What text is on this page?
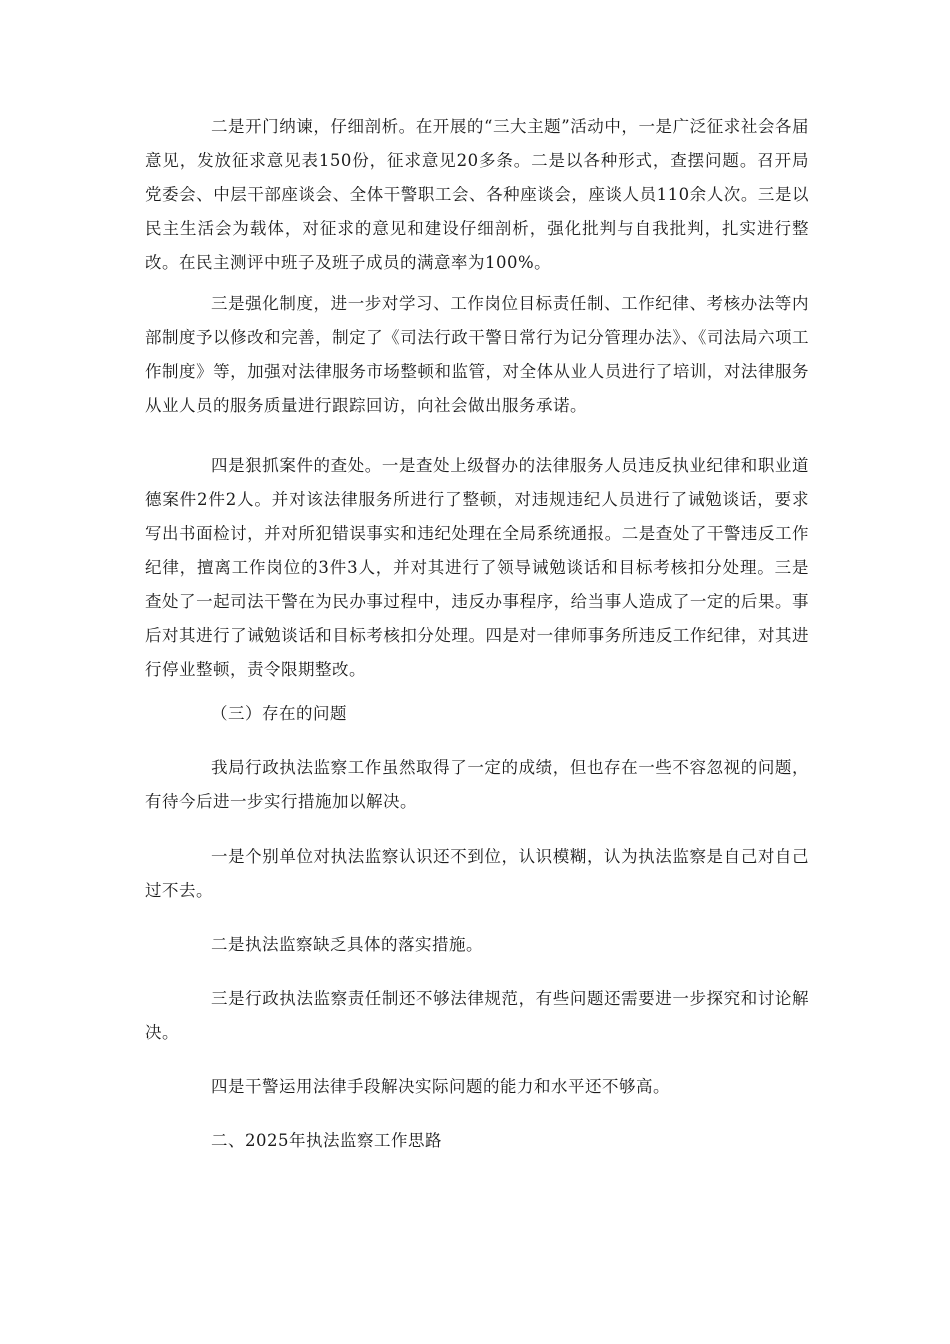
二是开门纳谏，仔细剖析。在开展的“三大主题”活动中，一是广泛征求社会各届意见，发放征求意见表150份，征求意见20多条。二是以各种形式，查摆问题。召开局党委会、中层干部座谈会、全体干警职工会、各种座谈会，座谈人员110余人次。三是以民主生活会为载体，对征求的意见和建设仔细剖析，强化批判与自我批判，扎实进行整改。在民主测评中班子及班子成员的满意率为100%。

三是强化制度，进一步对学习、工作岗位目标责任制、工作纪律、考核办法等内部制度予以修改和完善，制定了《司法行政干警日常行为记分管理办法》、《司法局六项工作制度》等，加强对法律服务市场整顿和监管，对全体从业人员进行了培训，对法律服务从业人员的服务质量进行跟踪回访，向社会做出服务承诺。

四是狠抓案件的查处。一是查处上级督办的法律服务人员违反执业纪律和职业道德案件2件2人。并对该法律服务所进行了整顿，对违规违纪人员进行了诫勉谈话，要求写出书面检讨，并对所犯错误事实和违纪处理在全局系统通报。二是查处了干警违反工作纪律，擅离工作岗位的3件3人，并对其进行了领导诫勉谈话和目标考核扣分处理。三是查处了一起司法干警在为民办事过程中，违反办事程序，给当事人造成了一定的后果。事后对其进行了诫勉谈话和目标考核扣分处理。四是对一律师事务所违反工作纪律，对其进行停业整顿，责令限期整改。

（三）存在的问题

我局行政执法监察工作虽然取得了一定的成绩，但也存在一些不容忽视的问题，有待今后进一步实行措施加以解决。

一是个别单位对执法监察认识还不到位，认识模糊，认为执法监察是自己对自己过不去。

二是执法监察缺乏具体的落实措施。

三是行政执法监察责任制还不够法律规范，有些问题还需要进一步探究和讨论解决。

四是干警运用法律手段解决实际问题的能力和水平还不够高。

二、2025年执法监察工作思路
